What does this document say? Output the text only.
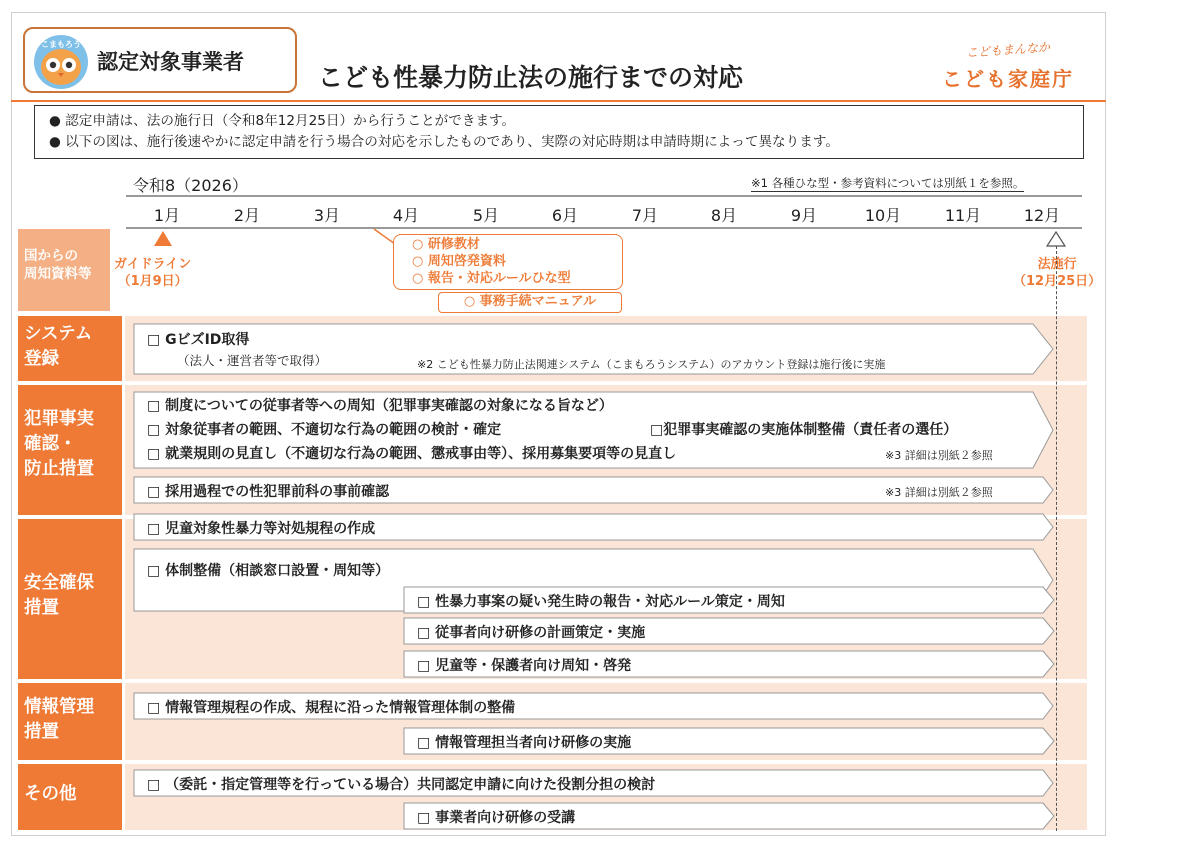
こまもろう
認定対象事業者
こども性暴力防止法の施行までの対応
こどもまんなか
こども家庭庁
● 認定申請は、法の施行日（令和8年12月25日）から行うことができます。
● 以下の図は、施行後速やかに認定申請を行う場合の対応を示したものであり、実際の対応時期は申請時期によって異なります。
令和8（2026）	※1 各種ひな型・参考資料については別紙１を参照。
1月	2月	3月	4月	5月	6月	7月	8月	9月	10月	11月	12月
国からの
周知資料等
ガイドライン
（1月9日）
○ 研修教材
○ 周知啓発資料
○ 報告・対応ルールひな型
○ 事務手続マニュアル
法施行
（12月25日）
システム
登録
犯罪事実
確認・
防止措置
安全確保
措置
情報管理
措置
その他
□ GビズID取得
（法人・運営者等で取得）	※2 こども性暴力防止法関連システム（こまもろうシステム）のアカウント登録は施行後に実施
□ 制度についての従事者等への周知（犯罪事実確認の対象になる旨など）
□ 対象従事者の範囲、不適切な行為の範囲の検討・確定	□犯罪事実確認の実施体制整備（責任者の選任）
□ 就業規則の見直し（不適切な行為の範囲、懲戒事由等）、採用募集要項等の見直し	※3 詳細は別紙２参照
□ 採用過程での性犯罪前科の事前確認	※3 詳細は別紙２参照
□ 児童対象性暴力等対処規程の作成
□ 体制整備（相談窓口設置・周知等）
□ 性暴力事案の疑い発生時の報告・対応ルール策定・周知
□ 従事者向け研修の計画策定・実施
□ 児童等・保護者向け周知・啓発
□ 情報管理規程の作成、規程に沿った情報管理体制の整備
□ 情報管理担当者向け研修の実施
□ （委託・指定管理等を行っている場合）共同認定申請に向けた役割分担の検討
□ 事業者向け研修の受講
